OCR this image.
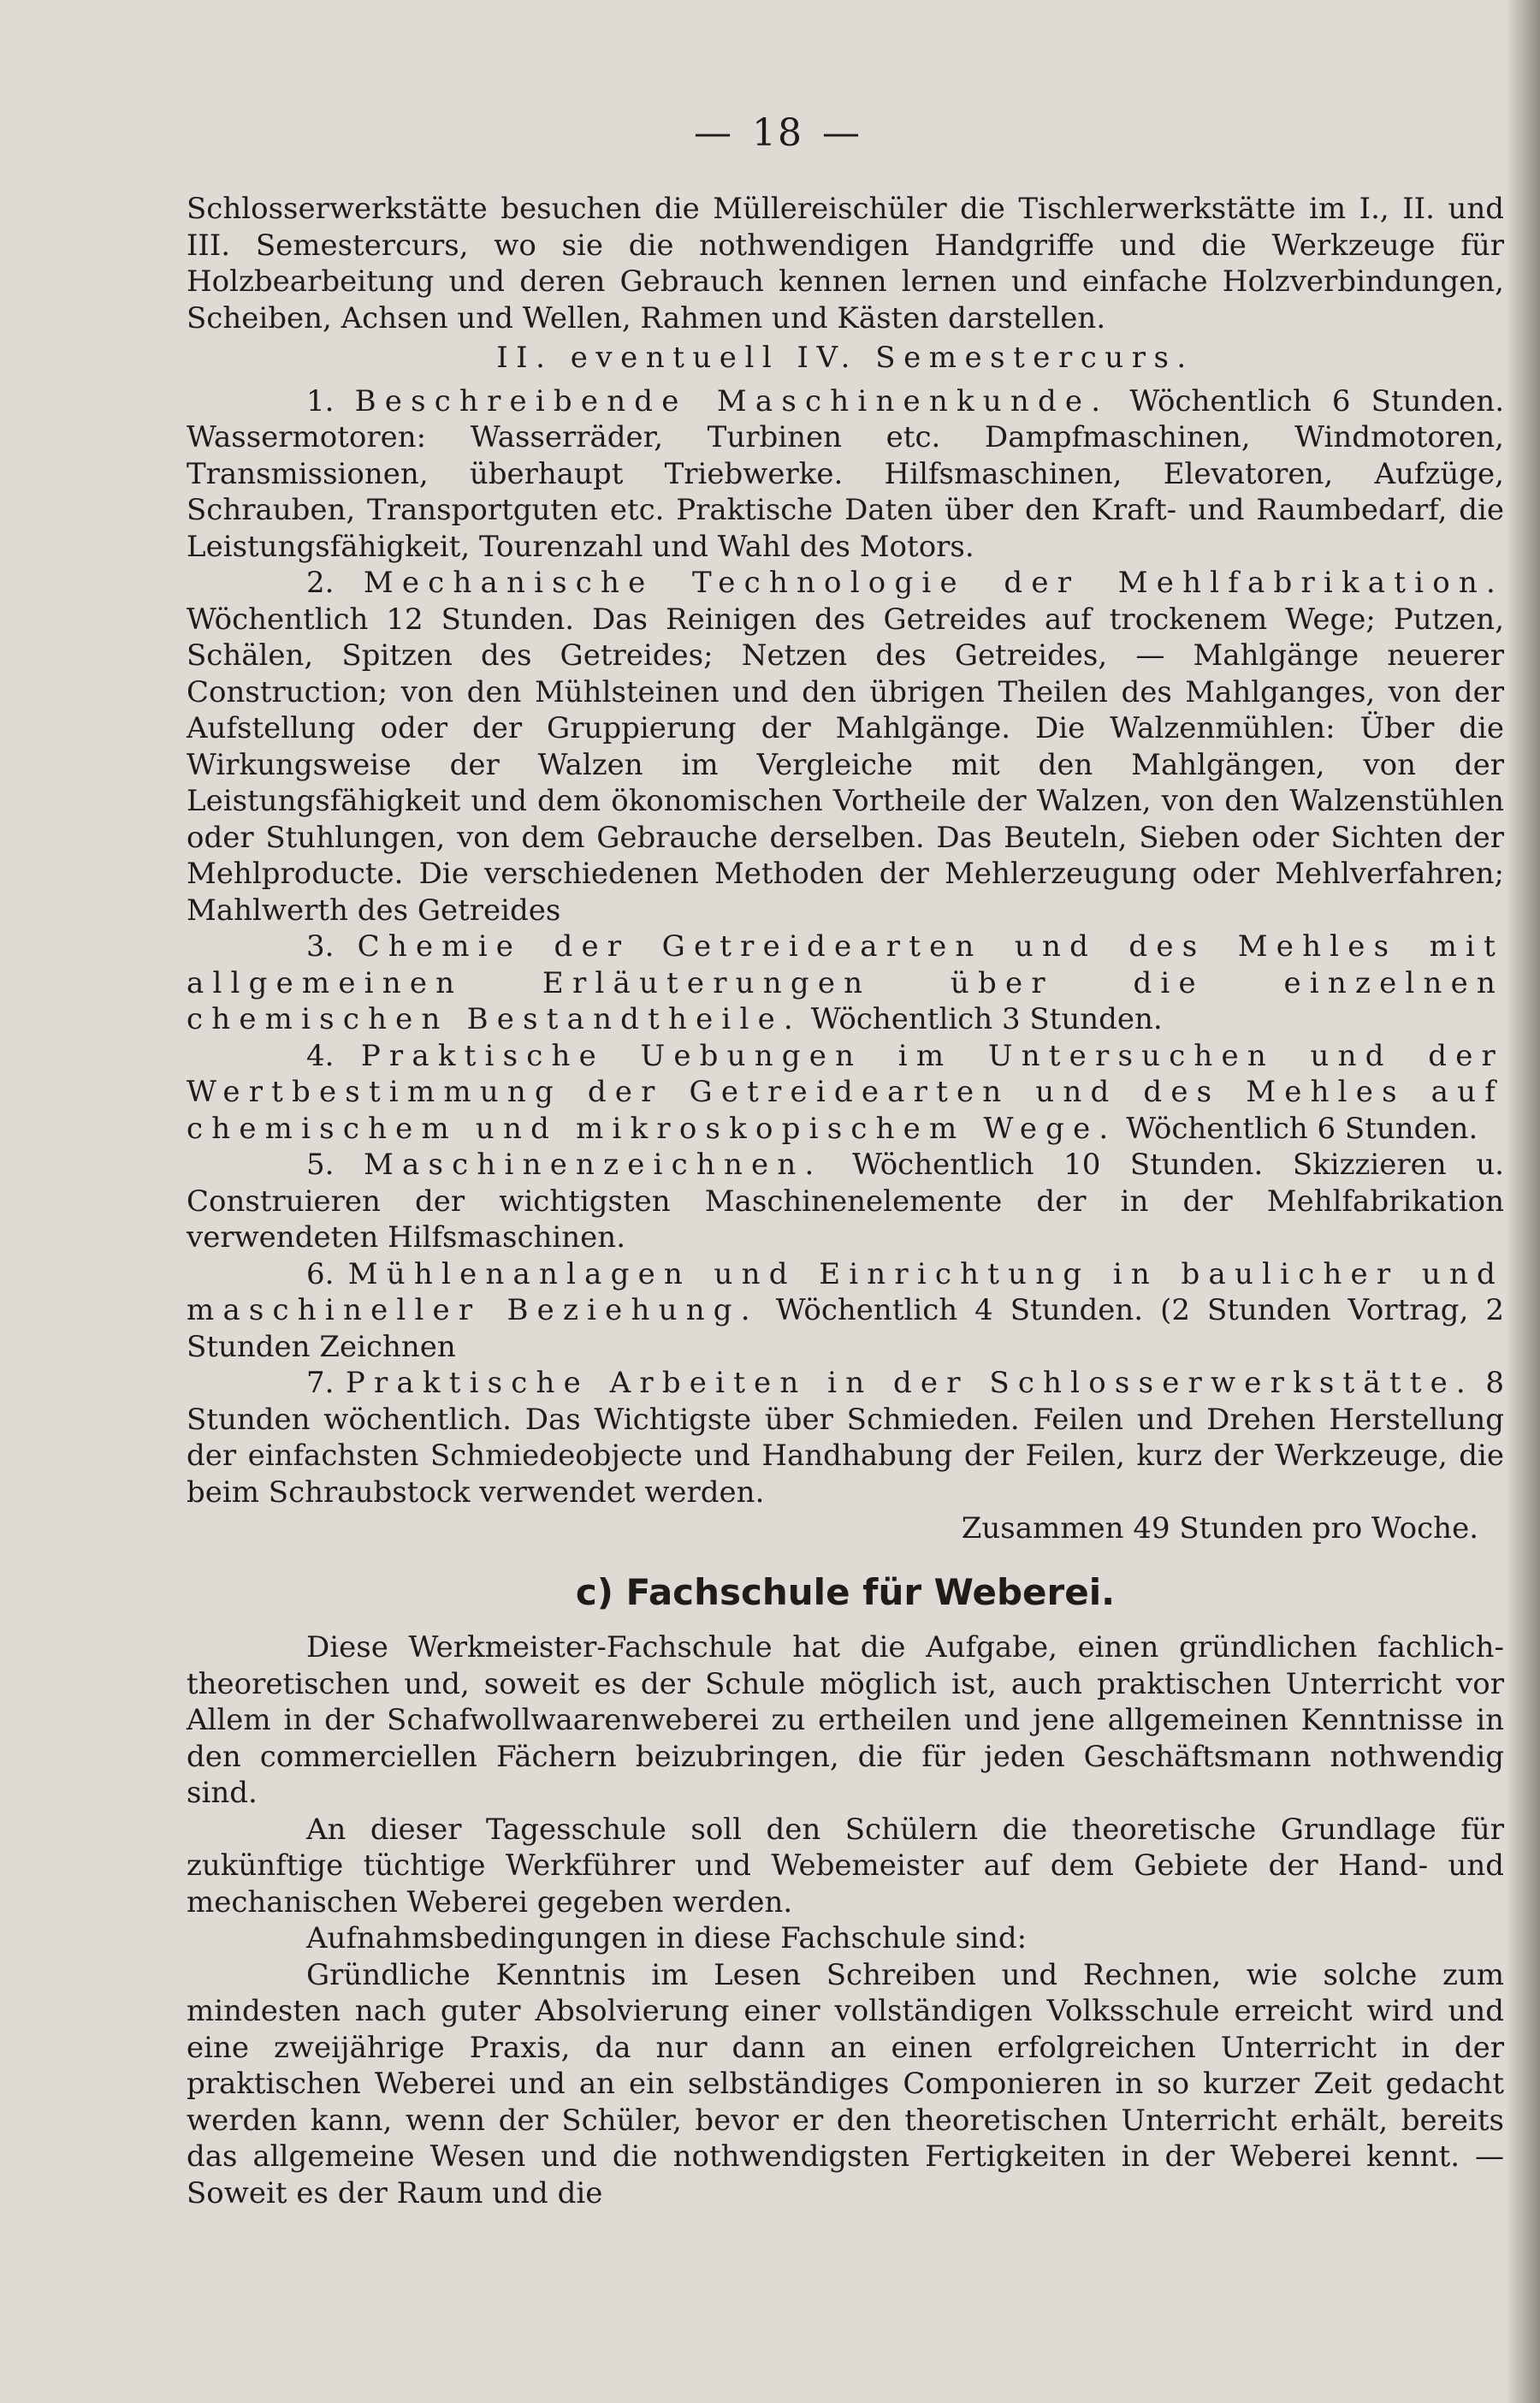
— 18 —

Schlosserwerkstätte besuchen die Müllereischüler die Tischlerwerkstätte im I., II. und III. Semestercurs, wo sie die nothwendigen Handgriffe und die Werkzeuge für Holzbearbeitung und deren Gebrauch kennen lernen und einfache Holzverbindungen, Scheiben, Achsen und Wellen, Rahmen und Kästen darstellen.

II. eventuell IV. Semestercurs.

1. Beschreibende Maschinenkunde. Wöchentlich 6 Stunden. Wassermotoren: Wasserräder, Turbinen etc. Dampfmaschinen, Windmotoren, Transmissionen, überhaupt Triebwerke. Hilfsmaschinen, Elevatoren, Aufzüge, Schrauben, Transportguten etc. Praktische Daten über den Kraft- und Raumbedarf, die Leistungsfähigkeit, Tourenzahl und Wahl des Motors.

2. Mechanische Technologie der Mehlfabrikation. Wöchentlich 12 Stunden. Das Reinigen des Getreides auf trockenem Wege; Putzen, Schälen, Spitzen des Getreides; Netzen des Getreides, — Mahlgänge neuerer Construction; von den Mühlsteinen und den übrigen Theilen des Mahlganges, von der Aufstellung oder der Gruppierung der Mahlgänge. Die Walzenmühlen: Über die Wirkungsweise der Walzen im Vergleiche mit den Mahlgängen, von der Leistungsfähigkeit und dem ökonomischen Vortheile der Walzen, von den Walzenstühlen oder Stuhlungen, von dem Gebrauche derselben. Das Beuteln, Sieben oder Sichten der Mehlproducte. Die verschiedenen Methoden der Mehlerzeugung oder Mehlverfahren; Mahlwerth des Getreides

3. Chemie der Getreidearten und des Mehles mit allgemeinen Erläuterungen über die einzelnen chemischen Bestandtheile. Wöchentlich 3 Stunden.

4. Praktische Uebungen im Untersuchen und der Wertbestimmung der Getreidearten und des Mehles auf chemischem und mikroskopischem Wege. Wöchentlich 6 Stunden.

5. Maschinenzeichnen. Wöchentlich 10 Stunden. Skizzieren u. Construieren der wichtigsten Maschinenelemente der in der Mehlfabrikation verwendeten Hilfsmaschinen.

6. Mühlenanlagen und Einrichtung in baulicher und maschineller Beziehung. Wöchentlich 4 Stunden. (2 Stunden Vortrag, 2 Stunden Zeichnen

7. Praktische Arbeiten in der Schlosserwerkstätte. 8 Stunden wöchentlich. Das Wichtigste über Schmieden. Feilen und Drehen Herstellung der einfachsten Schmiedeobjecte und Handhabung der Feilen, kurz der Werkzeuge, die beim Schraubstock verwendet werden.

Zusammen 49 Stunden pro Woche.

c) Fachschule für Weberei.

Diese Werkmeister-Fachschule hat die Aufgabe, einen gründlichen fachlich-theoretischen und, soweit es der Schule möglich ist, auch praktischen Unterricht vor Allem in der Schafwollwaarenweberei zu ertheilen und jene allgemeinen Kenntnisse in den commerciellen Fächern beizubringen, die für jeden Geschäftsmann nothwendig sind.

An dieser Tagesschule soll den Schülern die theoretische Grundlage für zukünftige tüchtige Werkführer und Webemeister auf dem Gebiete der Hand- und mechanischen Weberei gegeben werden.

Aufnahmsbedingungen in diese Fachschule sind:

Gründliche Kenntnis im Lesen Schreiben und Rechnen, wie solche zum mindesten nach guter Absolvierung einer vollständigen Volksschule erreicht wird und eine zweijährige Praxis, da nur dann an einen erfolgreichen Unterricht in der praktischen Weberei und an ein selbständiges Componieren in so kurzer Zeit gedacht werden kann, wenn der Schüler, bevor er den theoretischen Unterricht erhält, bereits das allgemeine Wesen und die nothwendigsten Fertigkeiten in der Weberei kennt. — Soweit es der Raum und die
